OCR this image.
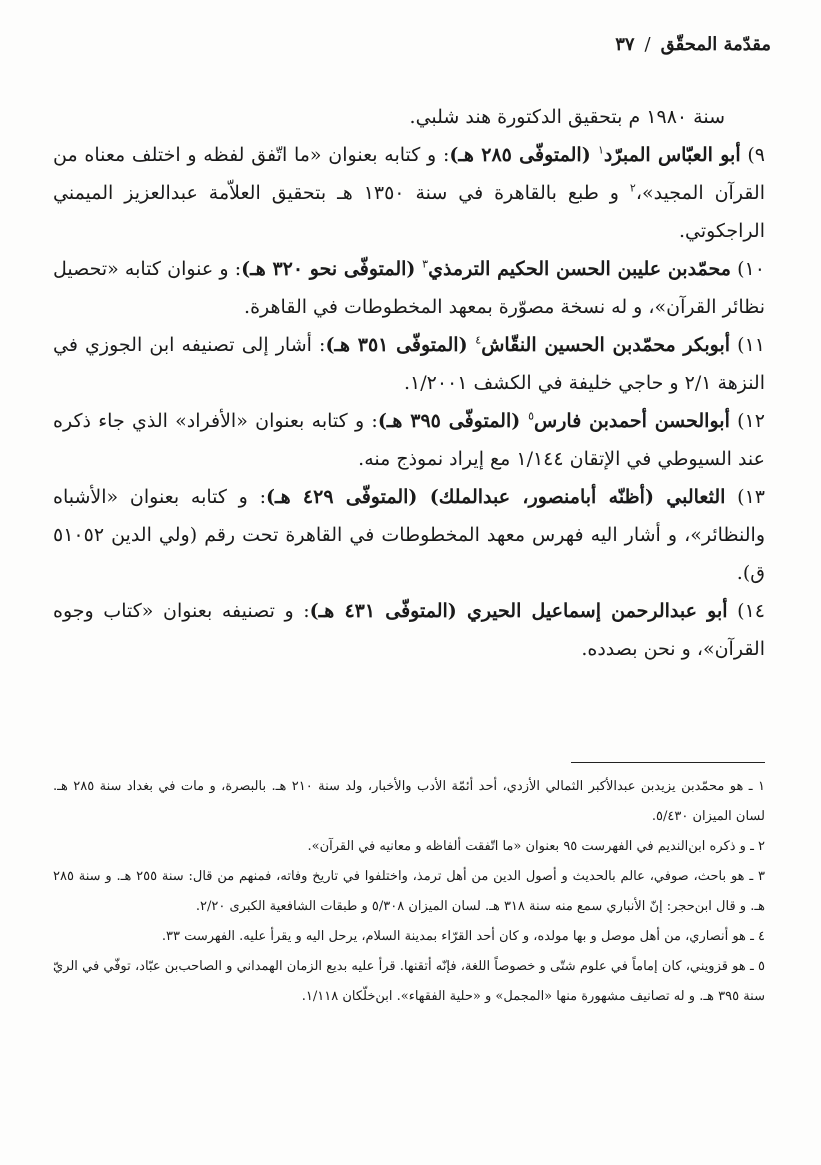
مقدّمة المحقّق
/
٣٧

سنة ١٩٨٠ م بتحقيق الدكتورة هند شلبي.

٩) أبو العبّاس المبرّد$^١$ (المتوفّى ٢٨٥ هـ): و كتابه بعنوان «ما اتّفق لفظه و اختلف معناه من القرآن المجيد»،$^٢$ و طبع بالقاهرة في سنة ١٣٥٠ هـ بتحقيق العلاّمة عبدالعزيز الميمني الراجكوتي.

١٠) محمّدبن عليبن الحسن الحكيم الترمذي$^٣$ (المتوفّى نحو ٣٢٠ هـ): و عنوان كتابه «تحصيل نظائر القرآن»، و له نسخة مصوّرة بمعهد المخطوطات في القاهرة.

١١) أبوبكر محمّدبن الحسين النقّاش$^٤$ (المتوفّى ٣٥١ هـ): أشار إلى تصنيفه ابن الجوزي في النزهة ٢/١ و حاجي خليفة في الكشف ١/٢٠٠١.

١٢) أبوالحسن أحمدبن فارس$^٥$ (المتوفّى ٣٩٥ هـ): و كتابه بعنوان «الأفراد» الذي جاء ذكره عند السيوطي في الإتقان ١/١٤٤ مع إيراد نموذج منه.

١٣) الثعالبي (أظنّه أبامنصور، عبدالملك) (المتوفّى ٤٢٩ هـ): و كتابه بعنوان «الأشباه والنظائر»، و أشار اليه فهرس معهد المخطوطات في القاهرة تحت رقم (ولي الدين ٥١٠٥٢ ق).

١٤) أبو عبدالرحمن إسماعيل الحيري (المتوفّى ٤٣١ هـ): و تصنيفه بعنوان «كتاب وجوه القرآن»، و نحن بصدده.

١ ـ هو محمّدبن يزيدبن عبدالأكبر الثمالي الأزدي، أحد أئمّة الأدب والأخبار، ولد سنة ٢١٠ هـ. بالبصرة، و مات في بغداد سنة ٢٨٥ هـ. لسان الميزان ٥/٤٣٠.

٢ ـ و ذكره ابن‌النديم في الفهرست ٩٥ بعنوان «ما اتّفقت ألفاظه و معانيه في القرآن».

٣ ـ هو باحث، صوفي، عالم بالحديث و أصول الدين من أهل ترمذ، واختلفوا في تاريخ وفاته، فمنهم من قال: سنة ٢٥٥ هـ. و سنة ٢٨٥ هـ. و قال ابن‌حجر: إنّ الأنباري سمع منه سنة ٣١٨ هـ. لسان الميزان ٥/٣٠٨ و طبقات الشافعية الكبرى ٢/٢٠.

٤ ـ هو أنصاري، من أهل موصل و بها مولده، و كان أحد القرّاء بمدينة السلام، يرحل اليه و يقرأ عليه. الفهرست ٣٣.

٥ ـ هو قزويني، كان إماماً في علوم شتّى و خصوصاً اللغة، فإنّه أتقنها. قرأ عليه بديع الزمان الهمداني و الصاحب‌بن عبّاد، توفّي في الريّ سنة ٣٩٥ هـ. و له تصانيف مشهورة منها «المجمل» و «حلية الفقهاء». ابن‌خلّكان ١/١١٨.
